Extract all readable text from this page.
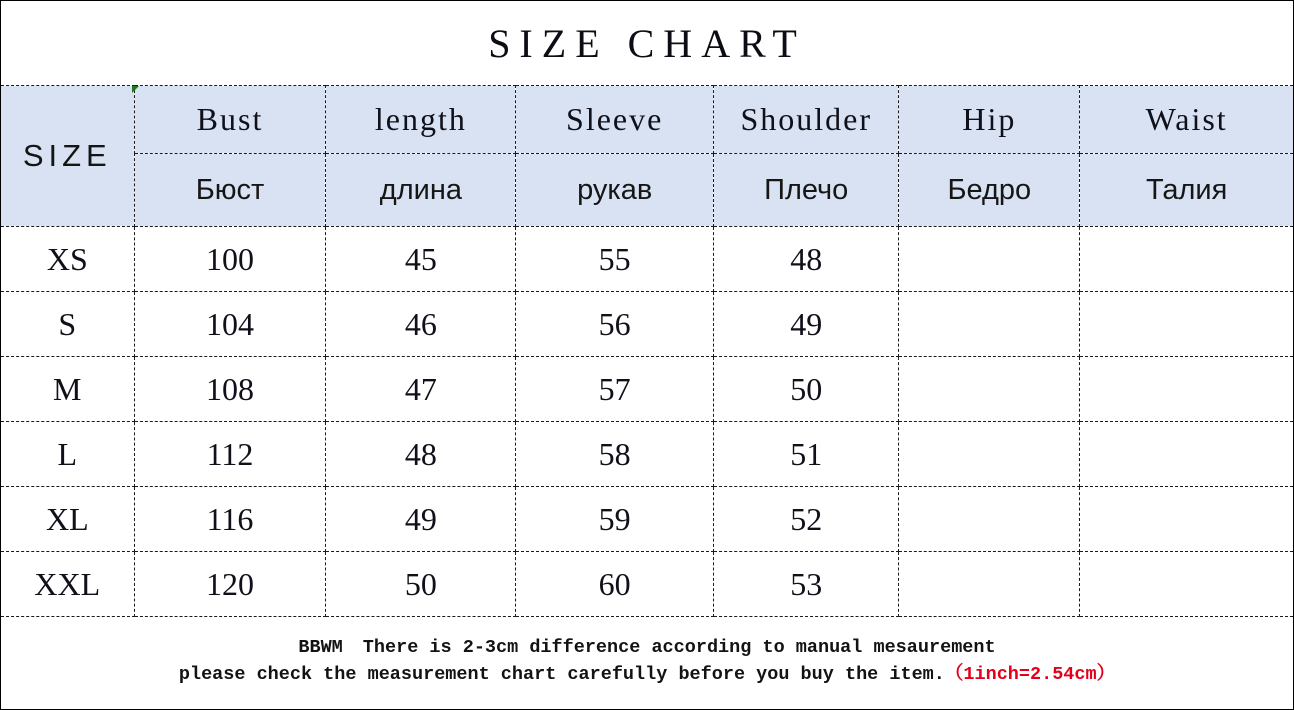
SIZE CHART
SIZE	Bust	length	Sleeve	Shoulder	Hip	Waist
	Бюст	длина	рукав	Плечо	Бедро	Талия
XS	100	45	55	48		
S	104	46	56	49		
M	108	47	57	50		
L	112	48	58	51		
XL	116	49	59	52		
XXL	120	50	60	53		
BBWM There is 2-3cm difference according to manual mesaurement
please check the measurement chart carefully before you buy the item.（1inch=2.54cm）
